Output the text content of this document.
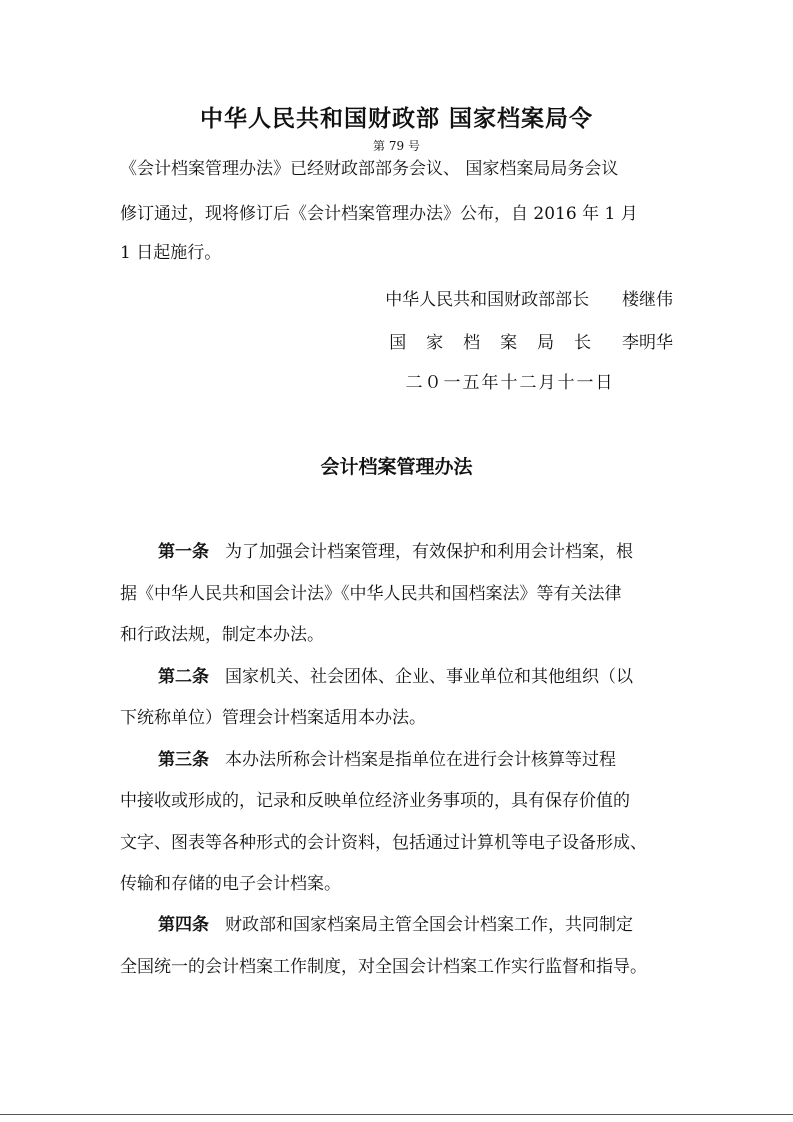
中华人民共和国财政部 国家档案局令
第 79 号
《会计档案管理办法》已经财政部部务会议、 国家档案局局务会议
修订通过，现将修订后《会计档案管理办法》公布，自 2016 年 1 月
1 日起施行。
中华人民共和国财政部部长 楼继伟
国家档案局长 李明华
二０一五年十二月十一日
会计档案管理办法
第一条 为了加强会计档案管理，有效保护和利用会计档案，根
据《中华人民共和国会计法》《中华人民共和国档案法》等有关法律
和行政法规，制定本办法。
第二条 国家机关、社会团体、企业、事业单位和其他组织（以
下统称单位）管理会计档案适用本办法。
第三条 本办法所称会计档案是指单位在进行会计核算等过程
中接收或形成的，记录和反映单位经济业务事项的，具有保存价值的
文字、图表等各种形式的会计资料，包括通过计算机等电子设备形成、
传输和存储的电子会计档案。
第四条 财政部和国家档案局主管全国会计档案工作，共同制定
全国统一的会计档案工作制度，对全国会计档案工作实行监督和指导。
